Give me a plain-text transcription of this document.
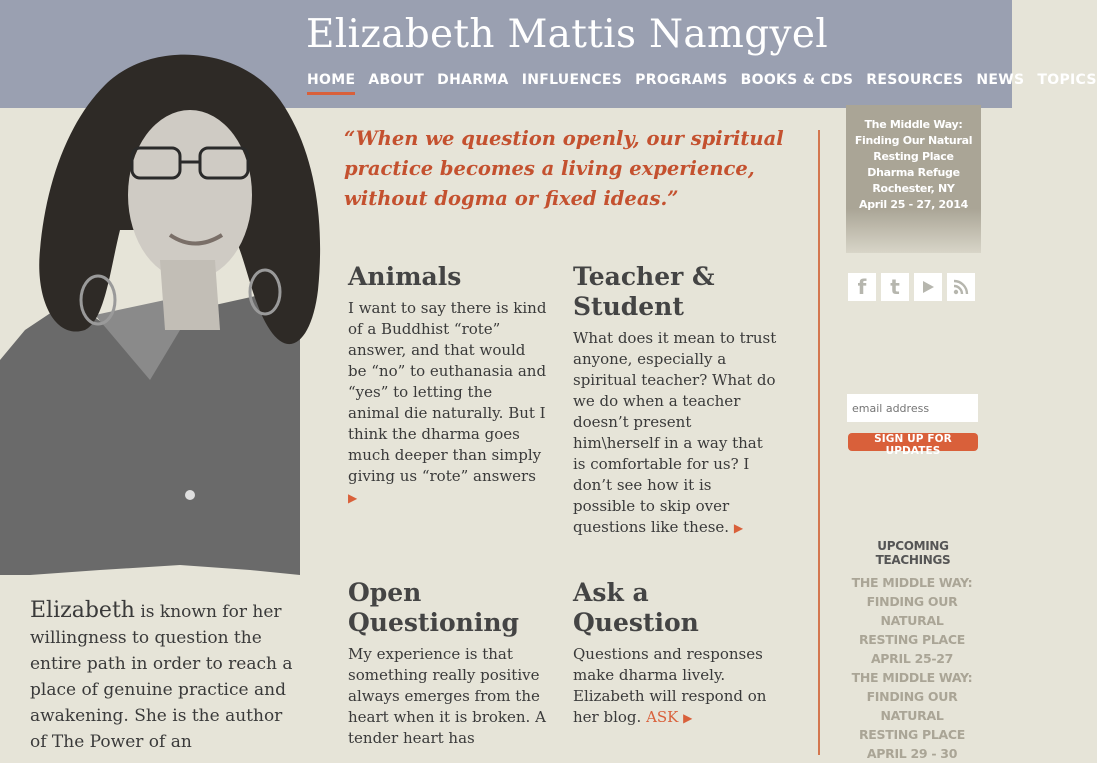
Elizabeth Mattis Namgyel
HOME ABOUT DHARMA INFLUENCES PROGRAMS BOOKS & CDS RESOURCES NEWS TOPICS
“When we question openly, our spiritual practice becomes a living experience, without dogma or fixed ideas.”
Animals

I want to say there is kind of a Buddhist “rote” answer, and that would be “no” to euthanasia and “yes” to letting the animal die naturally. But I think the dharma goes much deeper than simply giving us “rote” answers ▶

Teacher & Student

What does it mean to trust anyone, especially a spiritual teacher? What do we do when a teacher doesn’t present him\herself in a way that is comfortable for us? I don’t see how it is possible to skip over questions like these. ▶

Open Questioning

My experience is that something really positive always emerges from the heart when it is broken. A tender heart has

Ask a Question

Questions and responses make dharma lively. Elizabeth will respond on her blog. ASK ▶

Elizabeth is known for her willingness to question the entire path in order to reach a place of genuine practice and awakening. She is the author of The Power of an
The Middle Way:
Finding Our Natural
Resting Place
Dharma Refuge
Rochester, NY
April 25 - 27, 2014
f t
email address
SIGN UP FOR UPDATES
UPCOMING TEACHINGS
THE MIDDLE WAY:
FINDING OUR NATURAL
RESTING PLACE
APRIL 25-27
THE MIDDLE WAY:
FINDING OUR NATURAL
RESTING PLACE
APRIL 29 - 30
